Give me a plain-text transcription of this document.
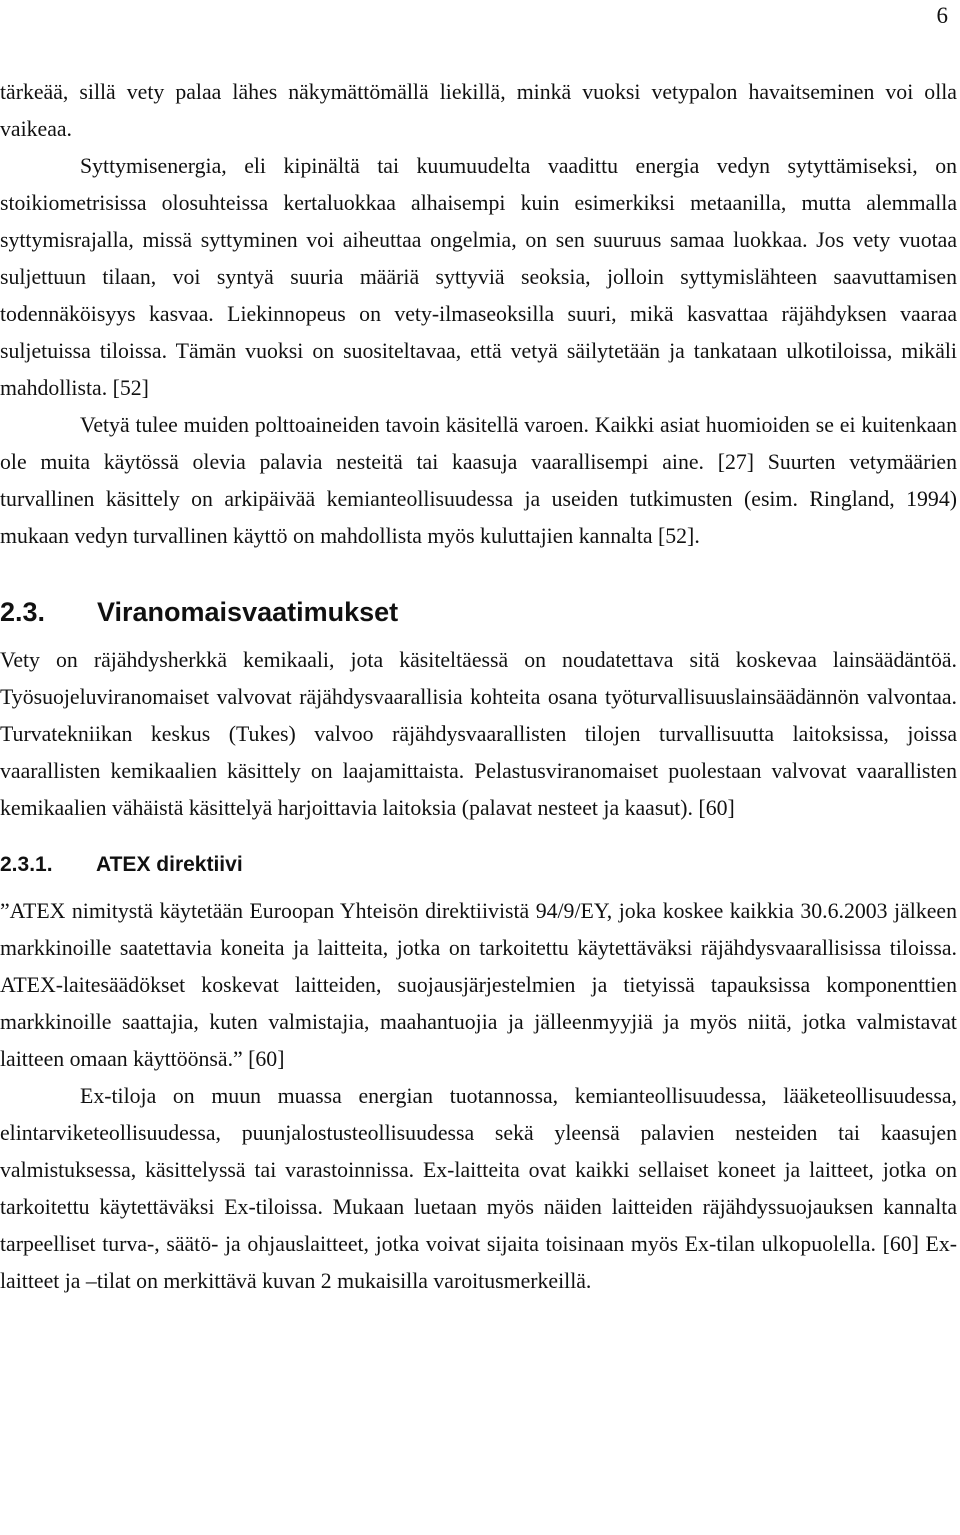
6

tärkeää, sillä vety palaa lähes näkymättömällä liekillä, minkä vuoksi vetypalon havaitseminen voi olla vaikeaa.

Syttymisenergia, eli kipinältä tai kuumuudelta vaadittu energia vedyn sytyttämiseksi, on stoikiometrisissa olosuhteissa kertaluokkaa alhaisempi kuin esimerkiksi metaanilla, mutta alemmalla syttymisrajalla, missä syttyminen voi aiheuttaa ongelmia, on sen suuruus samaa luokkaa. Jos vety vuotaa suljettuun tilaan, voi syntyä suuria määriä syttyviä seoksia, jolloin syttymislähteen saavuttamisen todennäköisyys kasvaa. Liekinnopeus on vety-ilmaseoksilla suuri, mikä kasvattaa räjähdyksen vaaraa suljetuissa tiloissa. Tämän vuoksi on suositeltavaa, että vetyä säilytetään ja tankataan ulkotiloissa, mikäli mahdollista. [52]

Vetyä tulee muiden polttoaineiden tavoin käsitellä varoen. Kaikki asiat huomioiden se ei kuitenkaan ole muita käytössä olevia palavia nesteitä tai kaasuja vaarallisempi aine. [27] Suurten vetymäärien turvallinen käsittely on arkipäivää kemianteollisuudessa ja useiden tutkimusten (esim. Ringland, 1994) mukaan vedyn turvallinen käyttö on mahdollista myös kuluttajien kannalta [52].

2.3.	Viranomaisvaatimukset

Vety on räjähdysherkkä kemikaali, jota käsiteltäessä on noudatettava sitä koskevaa lainsäädäntöä. Työsuojeluviranomaiset valvovat räjähdysvaarallisia kohteita osana työturvallisuuslainsäädännön valvontaa. Turvatekniikan keskus (Tukes) valvoo räjähdysvaarallisten tilojen turvallisuutta laitoksissa, joissa vaarallisten kemikaalien käsittely on laajamittaista. Pelastusviranomaiset puolestaan valvovat vaarallisten kemikaalien vähäistä käsittelyä harjoittavia laitoksia (palavat nesteet ja kaasut). [60]

2.3.1.	ATEX direktiivi

”ATEX nimitystä käytetään Euroopan Yhteisön direktiivistä 94/9/EY, joka koskee kaikkia 30.6.2003 jälkeen markkinoille saatettavia koneita ja laitteita, jotka on tarkoitettu käytettäväksi räjähdysvaarallisissa tiloissa. ATEX-laitesäädökset koskevat laitteiden, suojausjärjestelmien ja tietyissä tapauksissa komponenttien markkinoille saattajia, kuten valmistajia, maahantuojia ja jälleenmyyjiä ja myös niitä, jotka valmistavat laitteen omaan käyttöönsä.” [60]

Ex-tiloja on muun muassa energian tuotannossa, kemianteollisuudessa, lääketeollisuudessa, elintarviketeollisuudessa, puunjalostusteollisuudessa sekä yleensä palavien nesteiden tai kaasujen valmistuksessa, käsittelyssä tai varastoinnissa. Ex-laitteita ovat kaikki sellaiset koneet ja laitteet, jotka on tarkoitettu käytettäväksi Ex-tiloissa. Mukaan luetaan myös näiden laitteiden räjähdyssuojauksen kannalta tarpeelliset turva-, säätö- ja ohjauslaitteet, jotka voivat sijaita toisinaan myös Ex-tilan ulkopuolella. [60] Ex-laitteet ja –tilat on merkittävä kuvan 2 mukaisilla varoitusmerkeillä.
